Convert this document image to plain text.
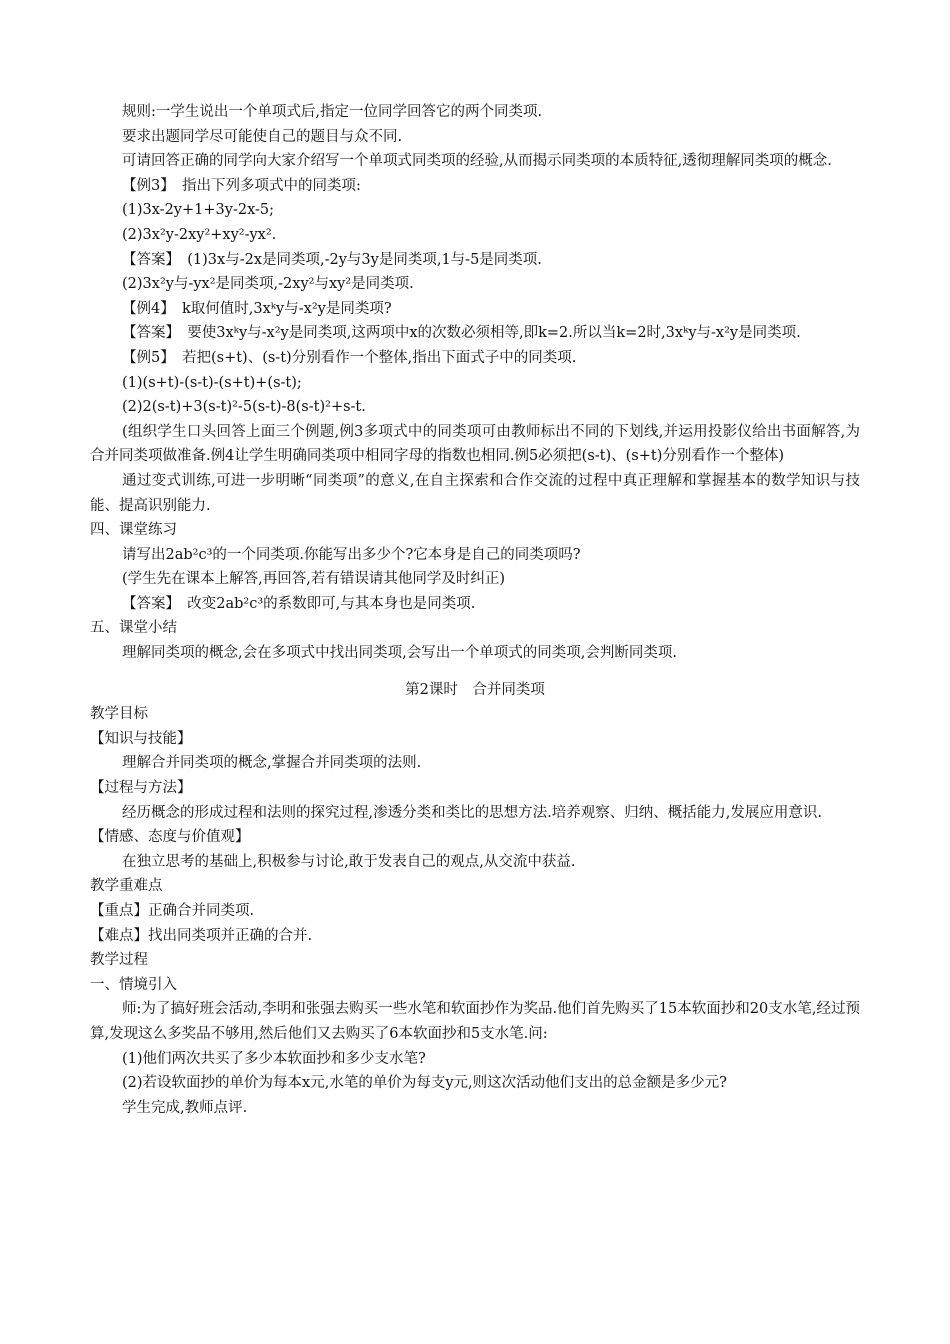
规则:一学生说出一个单项式后,指定一位同学回答它的两个同类项.
要求出题同学尽可能使自己的题目与众不同.
可请回答正确的同学向大家介绍写一个单项式同类项的经验,从而揭示同类项的本质特征,透彻理解同类项的概念.
【例3】　指出下列多项式中的同类项:
(1)3x-2y+1+3y-2x-5;
(2)3x²y-2xy²+xy²-yx².
【答案】　(1)3x与-2x是同类项,-2y与3y是同类项,1与-5是同类项.
(2)3x²y与-yx²是同类项,-2xy²与xy²是同类项.
【例4】　k取何值时,3xᵏy与-x²y是同类项?
【答案】　要使3xᵏy与-x²y是同类项,这两项中x的次数必须相等,即k=2.所以当k=2时,3xᵏy与-x²y是同类项.
【例5】　若把(s+t)、(s-t)分别看作一个整体,指出下面式子中的同类项.
(1)(s+t)-(s-t)-(s+t)+(s-t);
(2)2(s-t)+3(s-t)²-5(s-t)-8(s-t)²+s-t.
(组织学生口头回答上面三个例题,例3多项式中的同类项可由教师标出不同的下划线,并运用投影仪给出书面解答,为合并同类项做准备.例4让学生明确同类项中相同字母的指数也相同.例5必须把(s-t)、(s+t)分别看作一个整体)
通过变式训练,可进一步明晰“同类项”的意义,在自主探索和合作交流的过程中真正理解和掌握基本的数学知识与技能、提高识别能力.
四、课堂练习
请写出2ab²c³的一个同类项.你能写出多少个?它本身是自己的同类项吗?
(学生先在课本上解答,再回答,若有错误请其他同学及时纠正)
【答案】　改变2ab²c³的系数即可,与其本身也是同类项.
五、课堂小结
理解同类项的概念,会在多项式中找出同类项,会写出一个单项式的同类项,会判断同类项.
第2课时　合并同类项
教学目标
【知识与技能】
理解合并同类项的概念,掌握合并同类项的法则.
【过程与方法】
经历概念的形成过程和法则的探究过程,渗透分类和类比的思想方法.培养观察、归纳、概括能力,发展应用意识.
【情感、态度与价值观】
在独立思考的基础上,积极参与讨论,敢于发表自己的观点,从交流中获益.
教学重难点
【重点】正确合并同类项.
【难点】找出同类项并正确的合并.
教学过程
一、情境引入
师:为了搞好班会活动,李明和张强去购买一些水笔和软面抄作为奖品.他们首先购买了15本软面抄和20支水笔,经过预算,发现这么多奖品不够用,然后他们又去购买了6本软面抄和5支水笔.问:
(1)他们两次共买了多少本软面抄和多少支水笔?
(2)若设软面抄的单价为每本x元,水笔的单价为每支y元,则这次活动他们支出的总金额是多少元?
学生完成,教师点评.
